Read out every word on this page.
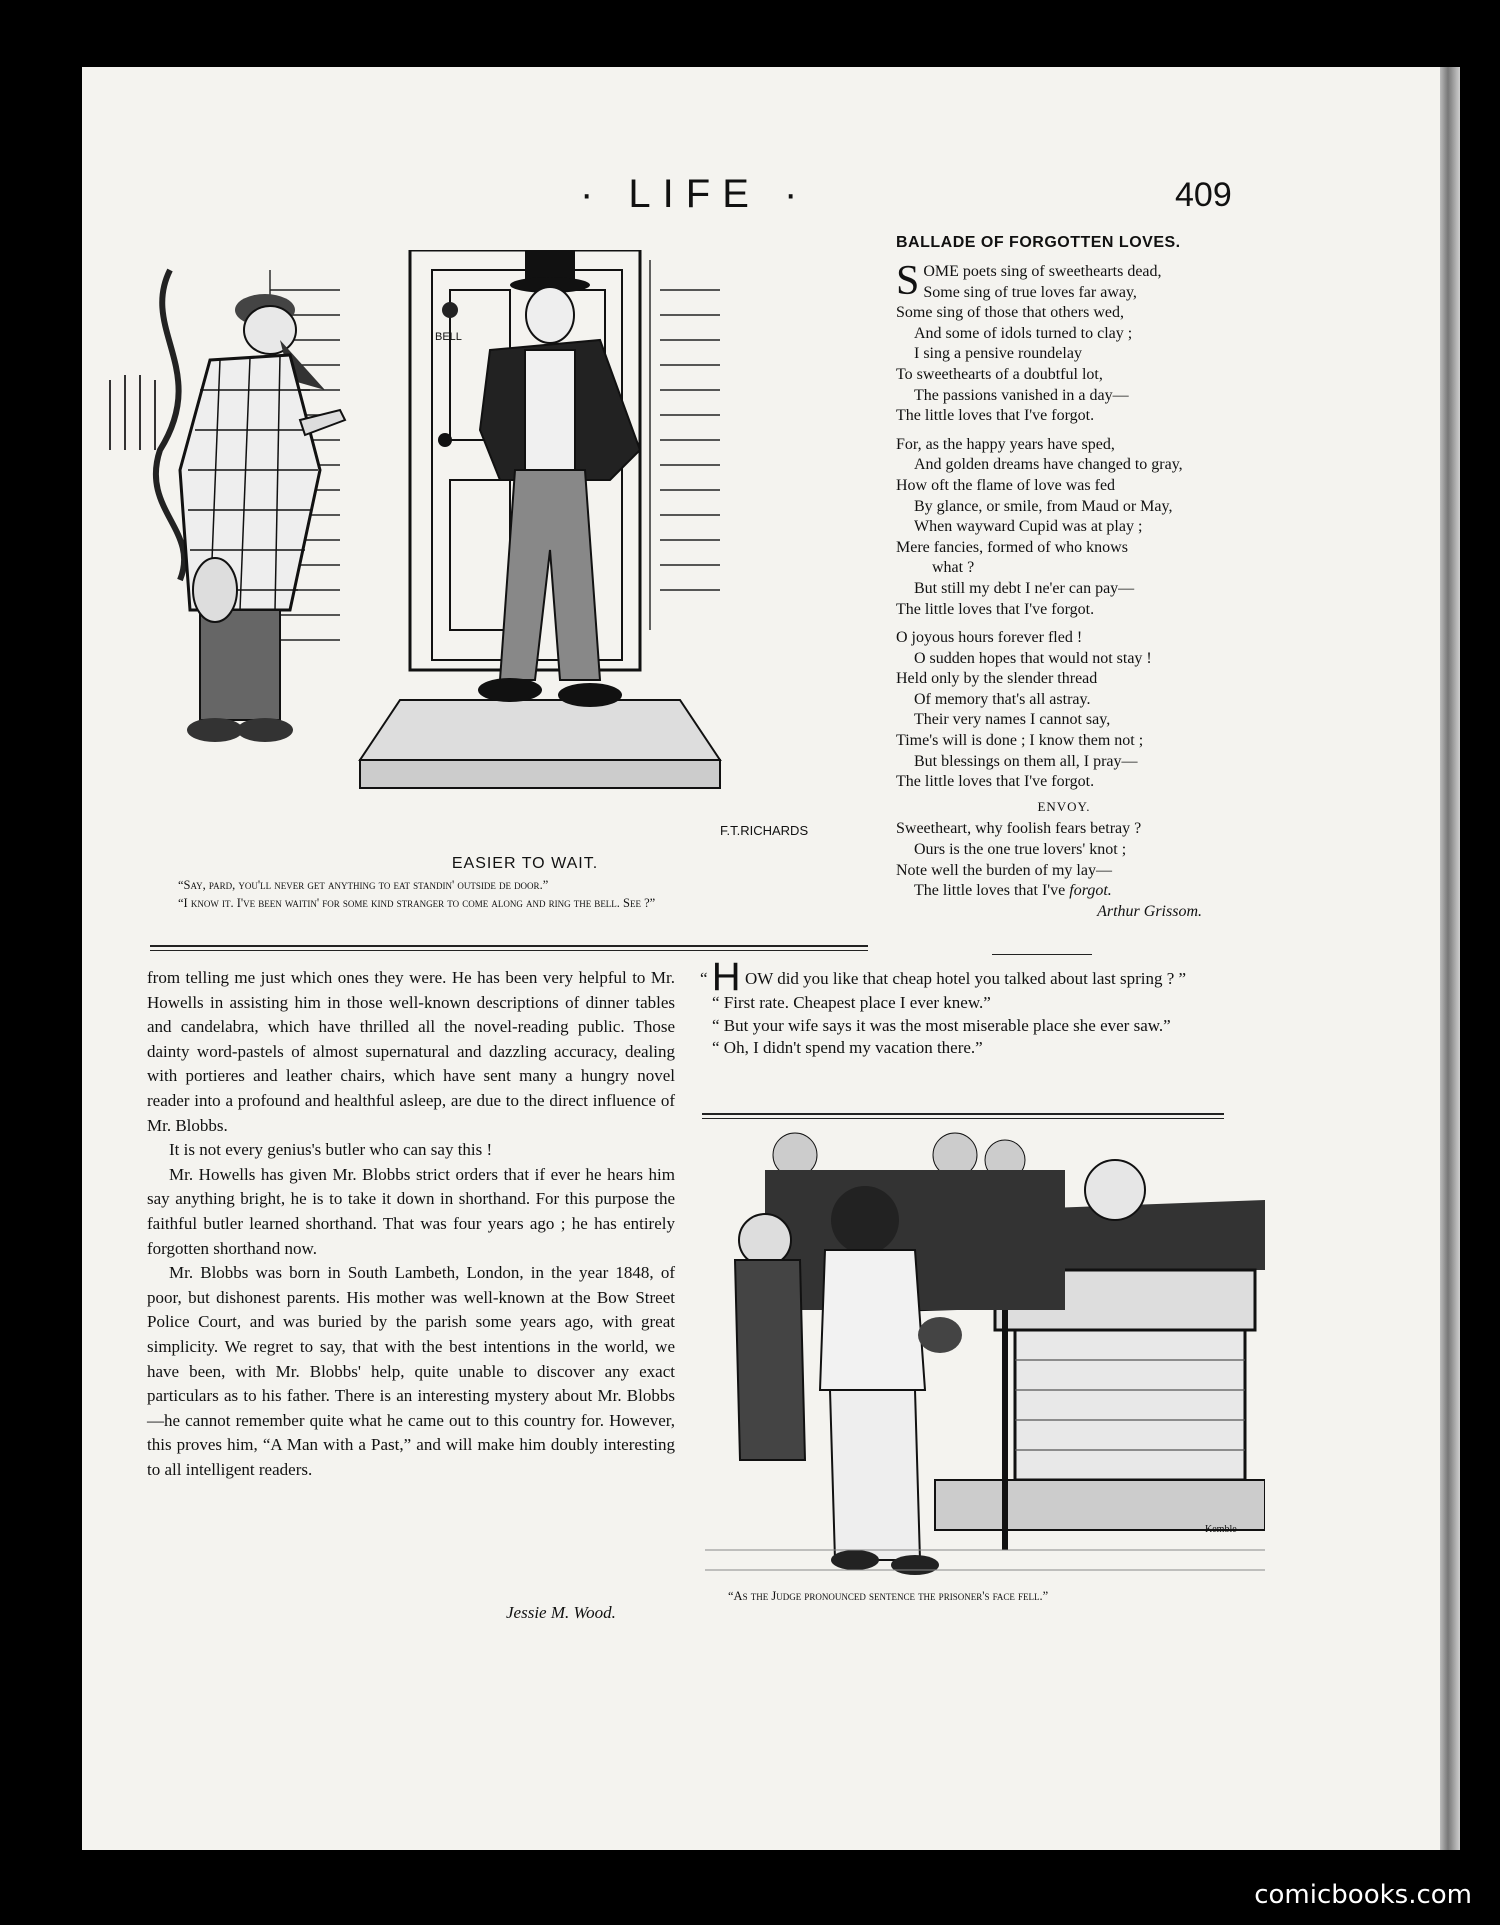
· LIFE ·	409
BELL
F.T.RICHARDS
EASIER TO WAIT.

“Say, pard, you'll never get anything to eat standin' outside de door.”

“I know it. I've been waitin' for some kind stranger to come along and ring the bell. See ?”

BALLADE OF FORGOTTEN LOVES.
SOME poets sing of sweethearts dead,
Some sing of true loves far away,
Some sing of those that others wed,
And some of idols turned to clay ;
I sing a pensive roundelay
To sweethearts of a doubtful lot,
The passions vanished in a day—
The little loves that I've forgot.
For, as the happy years have sped,
And golden dreams have changed to gray,
How oft the flame of love was fed
By glance, or smile, from Maud or May,
When wayward Cupid was at play ;
Mere fancies, formed of who knows
what ?
But still my debt I ne'er can pay—
The little loves that I've forgot.
O joyous hours forever fled !
O sudden hopes that would not stay !
Held only by the slender thread
Of memory that's all astray.
Their very names I cannot say,
Time's will is done ; I know them not ;
But blessings on them all, I pray—
The little loves that I've forgot.
ENVOY.
Sweetheart, why foolish fears betray ?
Ours is the one true lovers' knot ;
Note well the burden of my lay—
The little loves that I've forgot.
Arthur Grissom.

from telling me just which ones they were. He has been very helpful to Mr. Howells in assisting him in those well-known descriptions of dinner tables and candelabra, which have thrilled all the novel-reading public. Those dainty word-pastels of almost supernatural and dazzling accuracy, dealing with portieres and leather chairs, which have sent many a hungry novel reader into a profound and healthful asleep, are due to the direct influence of Mr. Blobbs.

It is not every genius's butler who can say this !

Mr. Howells has given Mr. Blobbs strict orders that if ever he hears him say anything bright, he is to take it down in shorthand. For this purpose the faithful butler learned shorthand. That was four years ago ; he has entirely forgotten shorthand now.

Mr. Blobbs was born in South Lambeth, London, in the year 1848, of poor, but dishonest parents. His mother was well-known at the Bow Street Police Court, and was buried by the parish some years ago, with great simplicity. We regret to say, that with the best intentions in the world, we have been, with Mr. Blobbs' help, quite unable to discover any exact particulars as to his father. There is an interesting mystery about Mr. Blobbs—he cannot remember quite what he came out to this country for. However, this proves him, “A Man with a Past,” and will make him doubly interesting to all intelligent readers.

Jessie M. Wood.

“ H OW did you like that cheap hotel you talked about last spring ? ”

“ First rate. Cheapest place I ever knew.”

“ But your wife says it was the most miserable place she ever saw.”

“ Oh, I didn't spend my vacation there.”

Kemble
“As the Judge pronounced sentence the prisoner's face fell.”
comicbooks.com
